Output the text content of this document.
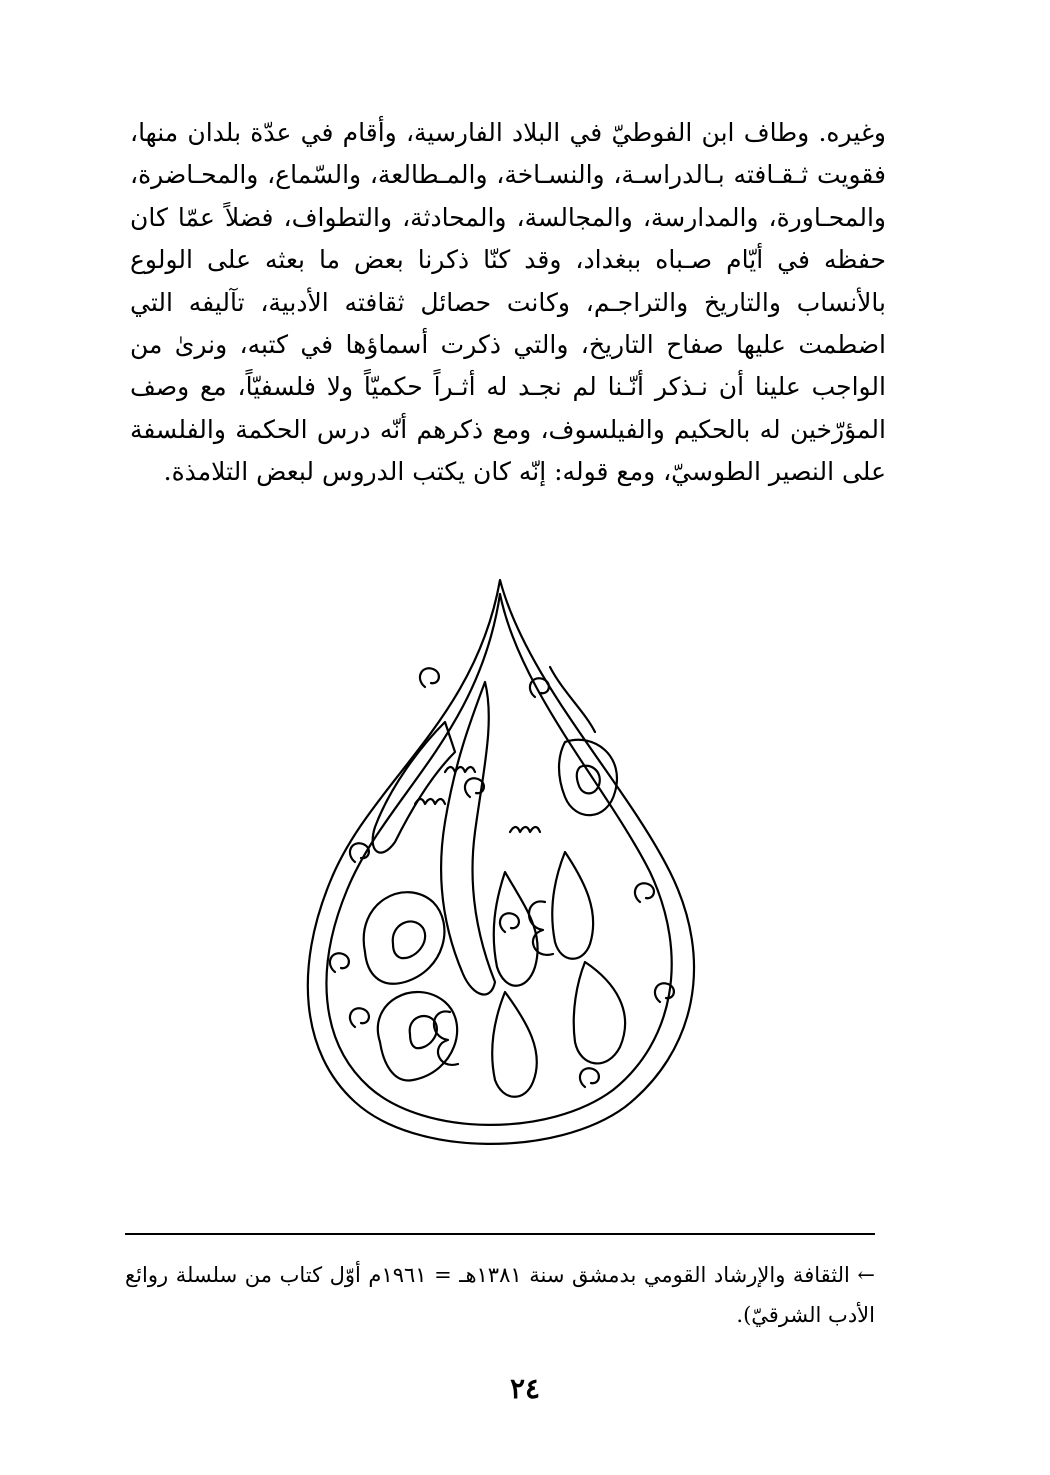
وغيره. وطاف ابن الفوطيّ في البلاد الفارسية، وأقام في عدّة بلدان منها، فقويت ثـقـافته بـالدراسـة، والنسـاخة، والمـطالعة، والسّماع، والمحـاضرة، والمحـاورة، والمدارسة، والمجالسة، والمحادثة، والتطواف، فضلاً عمّا كان حفظه في أيّام صـباه ببغداد، وقد كنّا ذكرنا بعض ما بعثه على الولوع بالأنساب والتاريخ والتراجـم، وكانت حصائل ثقافته الأدبية، تآليفه التي اضطمت عليها صفاح التاريخ، والتي ذكرت أسماؤها في كتبه، ونرىٰ من الواجب علينا أن نـذكر أنّـنا لم نجـد له أثـراً حكميّاً ولا فلسفيّاً، مع وصف المؤرّخين له بالحكيم والفيلسوف، ومع ذكرهم أنّه درس الحكمة والفلسفة على النصير الطوسيّ، ومع قوله: إنّه كان يكتب الدروس لبعض التلامذة.

← الثقافة والإرشاد القومي بدمشق سنة ١٣٨١هـ = ١٩٦١م أوّل كتاب من سلسلة روائع الأدب الشرقيّ).

٢٤
